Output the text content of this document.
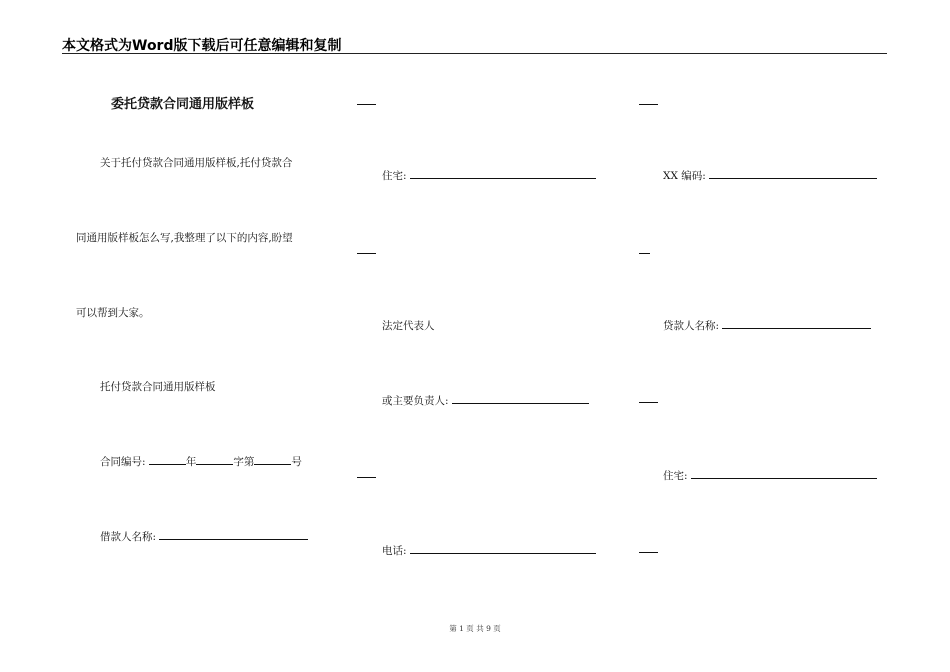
本文格式为Word版下载后可任意编辑和复制
委托贷款合同通用版样板
关于托付贷款合同通用版样板,托付贷款合
同通用版样板怎么写,我整理了以下的内容,盼望
可以帮到大家。
托付贷款合同通用版样板
合同编号:	年	字第	号
借款人名称:
住宅:
法定代表人
或主要负责人:
电话:
XX 编码:
贷款人名称:
住宅:
第 1 页 共 9 页
